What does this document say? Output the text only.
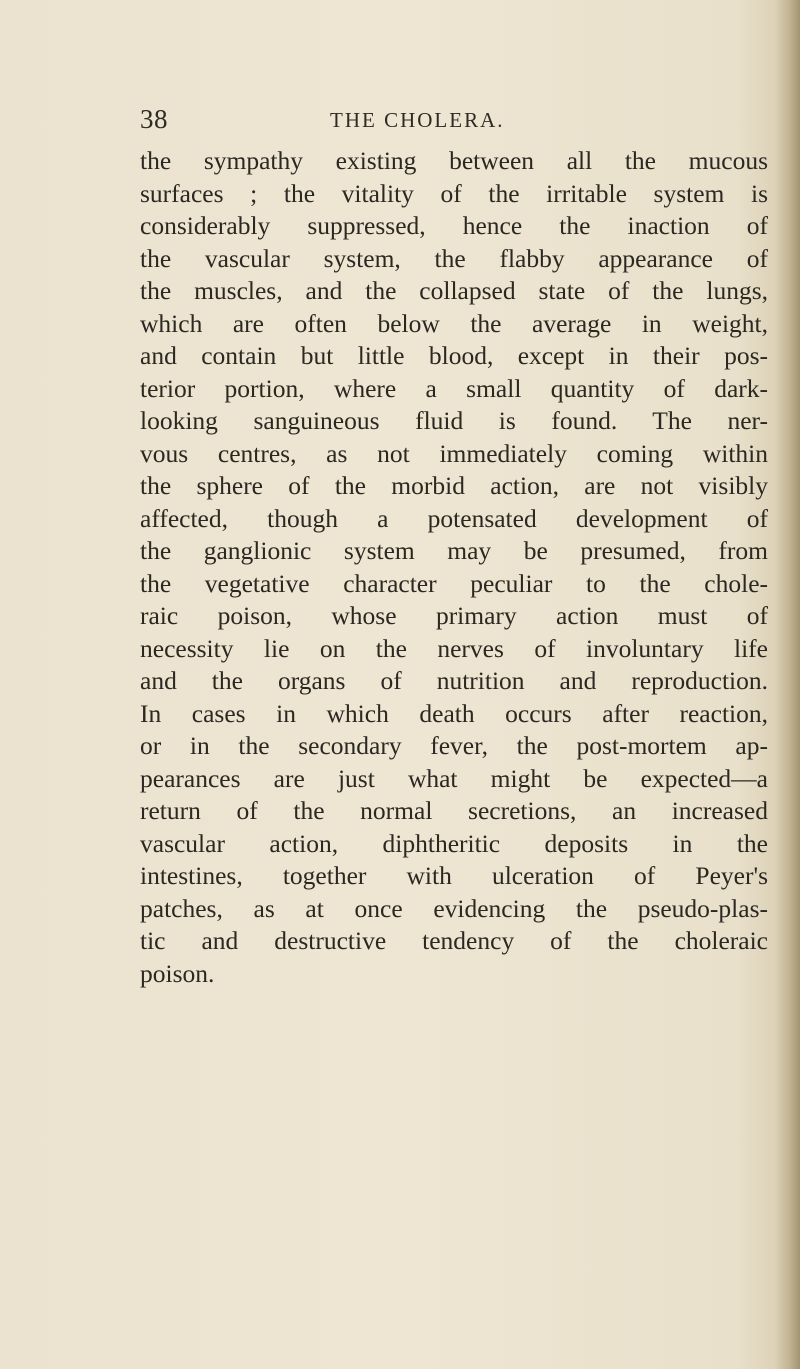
38	THE CHOLERA.
the sympathy existing between all the mucous
surfaces ; the vitality of the irritable system is
considerably suppressed, hence the inaction of
the vascular system, the flabby appearance of
the muscles, and the collapsed state of the lungs,
which are often below the average in weight,
and contain but little blood, except in their pos-
terior portion, where a small quantity of dark-
looking sanguineous fluid is found. The ner-
vous centres, as not immediately coming within
the sphere of the morbid action, are not visibly
affected, though a potensated development of
the ganglionic system may be presumed, from
the vegetative character peculiar to the chole-
raic poison, whose primary action must of
necessity lie on the nerves of involuntary life
and the organs of nutrition and reproduction.
In cases in which death occurs after reaction,
or in the secondary fever, the post-mortem ap-
pearances are just what might be expected—a
return of the normal secretions, an increased
vascular action, diphtheritic deposits in the
intestines, together with ulceration of Peyer's
patches, as at once evidencing the pseudo-plas-
tic and destructive tendency of the choleraic
poison.
